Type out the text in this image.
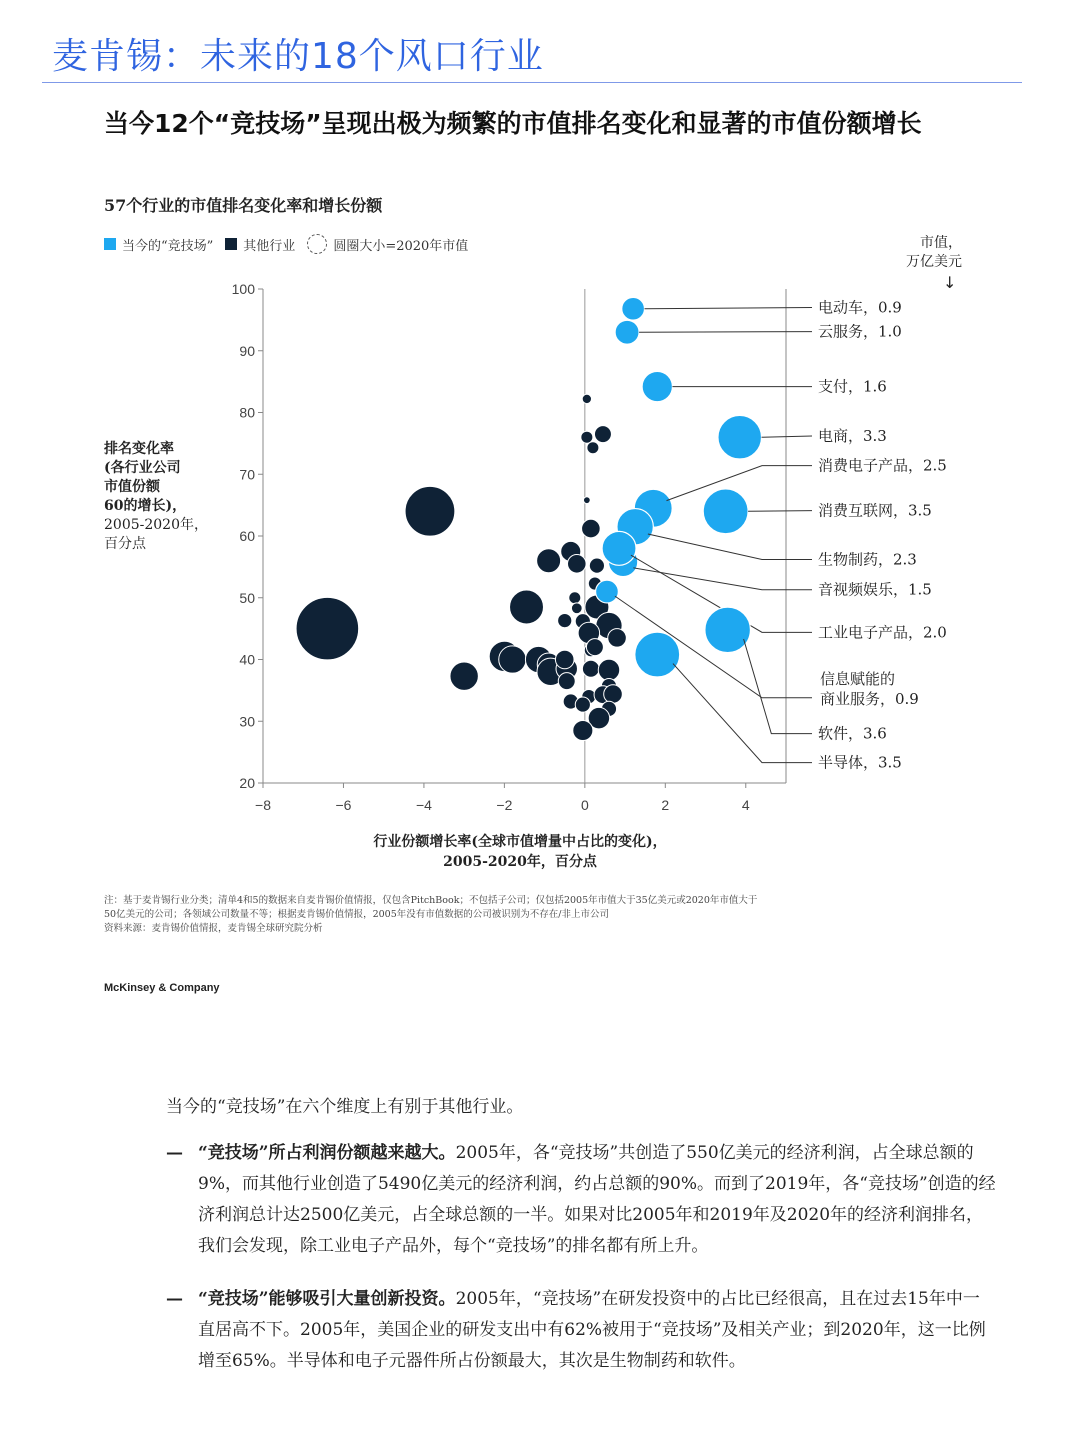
麦肯锡：未来的18个风口行业
当今12个“竞技场”呈现出极为频繁的市值排名变化和显著的市值份额增长
57个行业的市值排名变化率和增长份额
当今的“竞技场” 其他行业	圆圈大小=2020年市值	市值，
万亿美元
↓
排名变化率
(各行业公司
市值份额
60的增长)，
2005-2020年，
百分点
20
30
40
50
60
70
80
90
100
−8	−6	−4	−2	0	2	4
电动车，0.9
云服务，1.0
支付，1.6
电商，3.3
消费电子产品，2.5
消费互联网，3.5
生物制药，2.3
音视频娱乐，1.5
工业电子产品，2.0
信息赋能的
商业服务，0.9
软件，3.6
半导体，3.5
行业份额增长率(全球市值增量中占比的变化)，
2005-2020年，百分点
注：基于麦肯锡行业分类；清单4和5的数据来自麦肯锡价值情报，仅包含PitchBook；不包括子公司；仅包括2005年市值大于35亿美元或2020年市值大于
50亿美元的公司；各领域公司数量不等；根据麦肯锡价值情报，2005年没有市值数据的公司被识别为不存在/非上市公司
资料来源：麦肯锡价值情报，麦肯锡全球研究院分析
McKinsey & Company
当今的“竞技场”在六个维度上有别于其他行业。
— “竞技场”所占利润份额越来越大。2005年，各“竞技场”共创造了550亿美元的经济利润，占全球总额的9%，而其他行业创造了5490亿美元的经济利润，约占总额的90%。而到了2019年，各“竞技场”创造的经济利润总计达2500亿美元，占全球总额的一半。如果对比2005年和2019年及2020年的经济利润排名，我们会发现，除工业电子产品外，每个“竞技场”的排名都有所上升。
— “竞技场”能够吸引大量创新投资。2005年，“竞技场”在研发投资中的占比已经很高，且在过去15年中一直居高不下。2005年，美国企业的研发支出中有62%被用于“竞技场”及相关产业；到2020年，这一比例增至65%。半导体和电子元器件所占份额最大，其次是生物制药和软件。
